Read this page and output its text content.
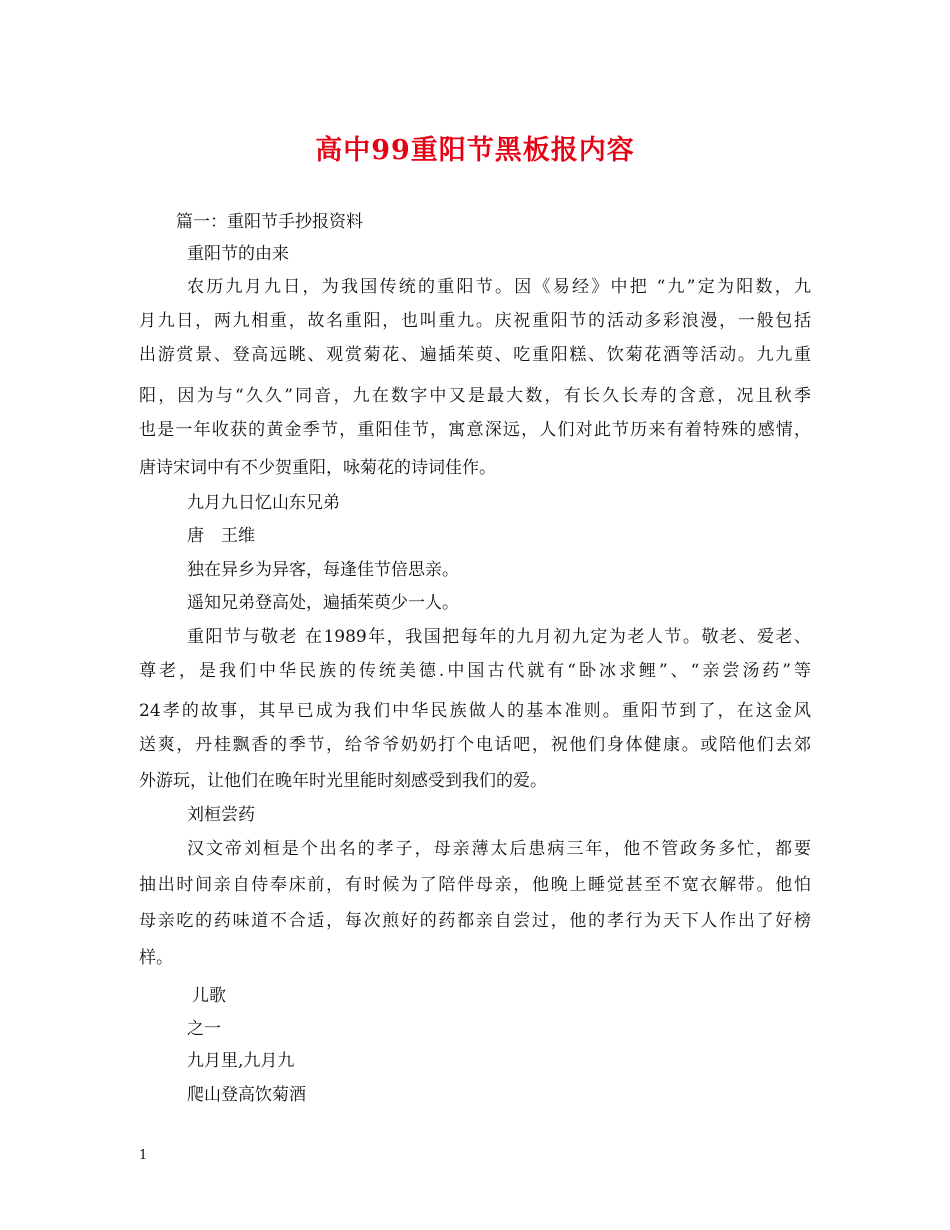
高中99重阳节黑板报内容
篇一：重阳节手抄报资料
重阳节的由来
农历九月九日，为我国传统的重阳节。因《易经》中把 “九”定为阳数，九
月九日，两九相重，故名重阳，也叫重九。庆祝重阳节的活动多彩浪漫，一般包括
出游赏景、登高远眺、观赏菊花、遍插茱萸、吃重阳糕、饮菊花酒等活动。九九重
阳，因为与“久久”同音，九在数字中又是最大数，有长久长寿的含意，况且秋季
也是一年收获的黄金季节，重阳佳节，寓意深远，人们对此节历来有着特殊的感情，
唐诗宋词中有不少贺重阳，咏菊花的诗词佳作。
九月九日忆山东兄弟
唐　王维
独在异乡为异客，每逢佳节倍思亲。
遥知兄弟登高处，遍插茱萸少一人。
重阳节与敬老 在1989年，我国把每年的九月初九定为老人节。敬老、爱老、
尊老，是我们中华民族的传统美德.中国古代就有“卧冰求鲤”、“亲尝汤药”等
24孝的故事，其早已成为我们中华民族做人的基本准则。重阳节到了，在这金风
送爽，丹桂飘香的季节，给爷爷奶奶打个电话吧，祝他们身体健康。或陪他们去郊
外游玩，让他们在晚年时光里能时刻感受到我们的爱。
刘桓尝药
汉文帝刘桓是个出名的孝子，母亲薄太后患病三年，他不管政务多忙，都要
抽出时间亲自侍奉床前，有时候为了陪伴母亲，他晚上睡觉甚至不宽衣解带。他怕
母亲吃的药味道不合适，每次煎好的药都亲自尝过，他的孝行为天下人作出了好榜
样。
儿歌
之一
九月里,九月九
爬山登高饮菊酒
1
